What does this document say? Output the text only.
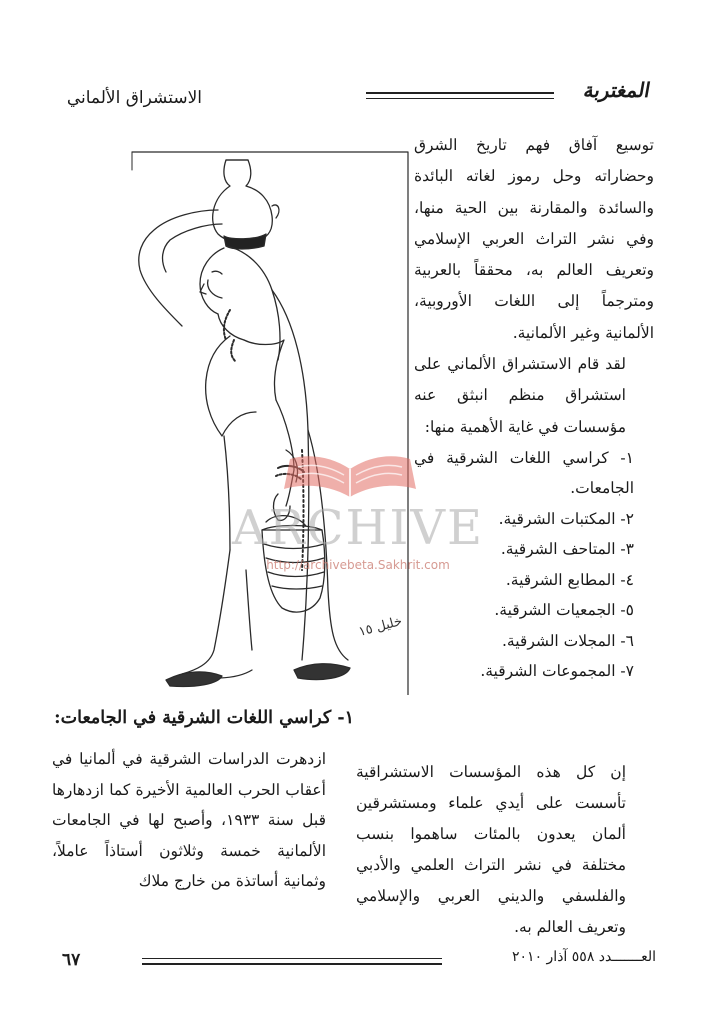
الاستشراق الألماني	المغتربة
خليل ١٥

توسيع آفاق فهم تاريخ الشرق وحضاراته وحل رموز لغاته البائدة والسائدة والمقارنة بين الحية منها، وفي نشر التراث العربي الإسلامي وتعريف العالم به، محققاً بالعربية ومترجماً إلى اللغات الأوروبية، الألمانية وغير الألمانية.

لقد قام الاستشراق الألماني على استشراق منظم انبثق عنه مؤسسات في غاية الأهمية منها:

١- كراسي اللغات الشرقية في الجامعات.
٢- المكتبات الشرقية.
٣- المتاحف الشرقية.
٤- المطابع الشرقية.
٥- الجمعيات الشرقية.
٦- المجلات الشرقية.
٧- المجموعات الشرقية.

إن كل هذه المؤسسات الاستشراقية تأسست على أيدي علماء ومستشرقين ألمان يعدون بالمئات ساهموا بنسب مختلفة في نشر التراث العلمي والأدبي والفلسفي والديني العربي والإسلامي وتعريف العالم به.

١- كراسي اللغات الشرقية في الجامعات:

ازدهرت الدراسات الشرقية في ألمانيا في أعقاب الحرب العالمية الأخيرة كما ازدهارها قبل سنة ١٩٣٣، وأصبح لها في الجامعات الألمانية خمسة وثلاثون أستاذاً عاملاً، وثمانية أساتذة من خارج ملاك

ARCHIVE
http://archivebeta.Sakhrit.com
٦٧	العـــــــدد ٥٥٨ آذار ٢٠١٠
